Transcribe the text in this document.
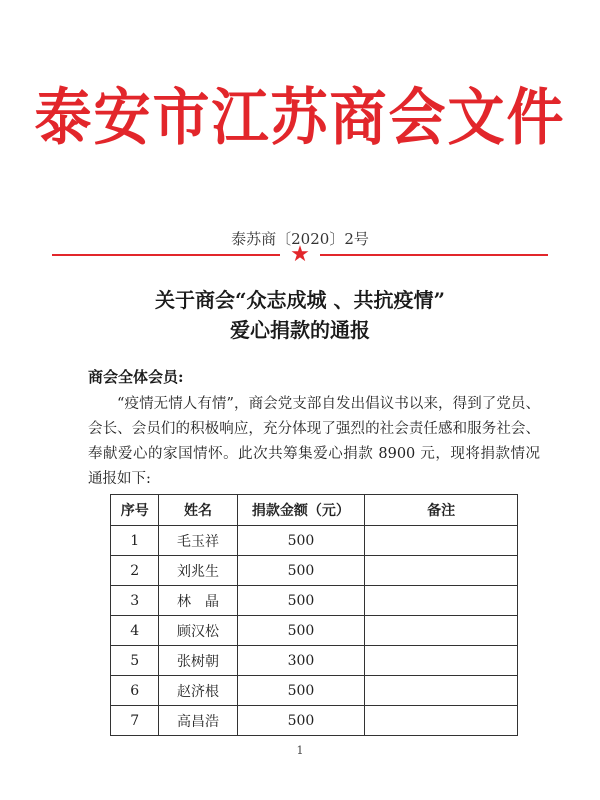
泰安市江苏商会文件
泰苏商〔2020〕2号
★
关于商会“众志成城 、共抗疫情”
爱心捐款的通报
商会全体会员:
“疫情无情人有情”，商会党支部自发出倡议书以来，得到了党员、会长、会员们的积极响应，充分体现了强烈的社会责任感和服务社会、奉献爱心的家国情怀。此次共筹集爱心捐款 8900 元，现将捐款情况通报如下:
序号	姓名	捐款金额（元）	备注
1	毛玉祥	500	
2	刘兆生	500	
3	林　晶	500	
4	顾汉松	500	
5	张树朝	300	
6	赵济根	500	
7	高昌浩	500	
1
